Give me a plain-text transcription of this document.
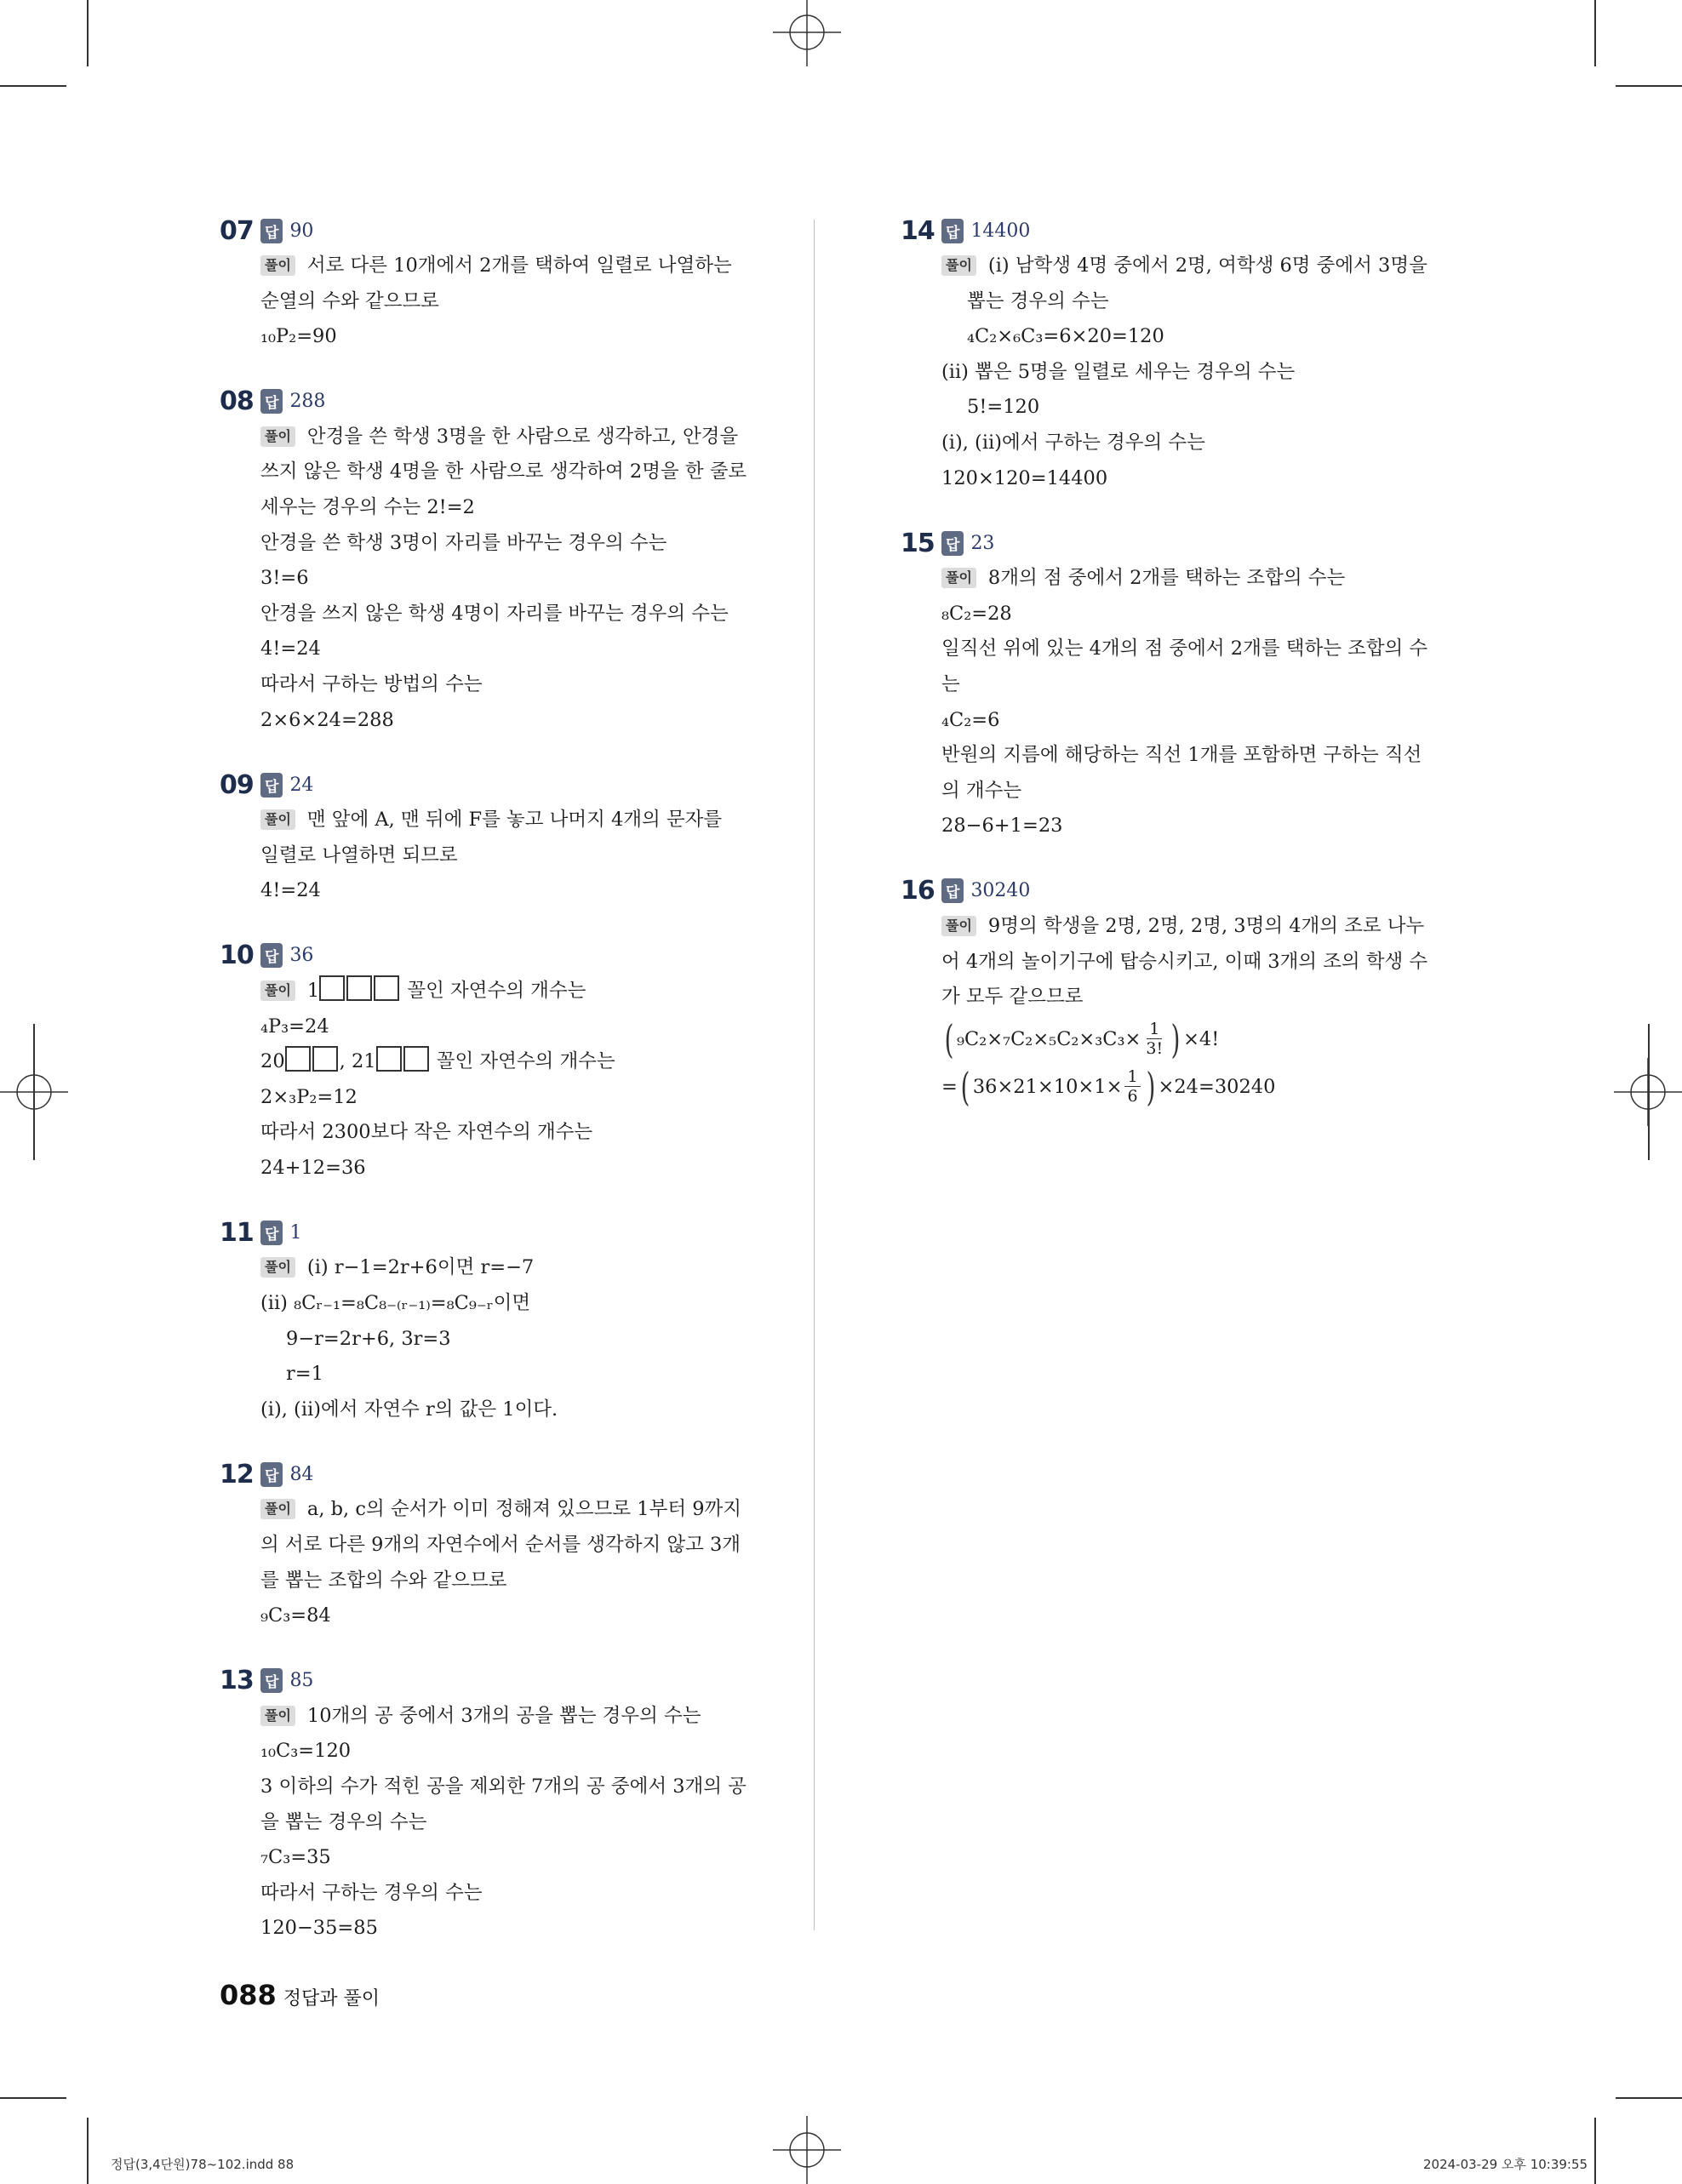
07 답 90
풀이 서로 다른 10개에서 2개를 택하여 일렬로 나열하는
순열의 수와 같으므로
₁₀P₂=90
08 답 288
풀이 안경을 쓴 학생 3명을 한 사람으로 생각하고, 안경을
쓰지 않은 학생 4명을 한 사람으로 생각하여 2명을 한 줄로
세우는 경우의 수는 2!=2
안경을 쓴 학생 3명이 자리를 바꾸는 경우의 수는
3!=6
안경을 쓰지 않은 학생 4명이 자리를 바꾸는 경우의 수는
4!=24
따라서 구하는 방법의 수는
2×6×24=288
09 답 24
풀이 맨 앞에 A, 맨 뒤에 F를 놓고 나머지 4개의 문자를
일렬로 나열하면 되므로
4!=24
10 답 36
풀이 1	꼴인 자연수의 개수는
₄P₃=24
20	, 21	꼴인 자연수의 개수는
2×₃P₂=12
따라서 2300보다 작은 자연수의 개수는
24+12=36
11 답 1
풀이 (ⅰ) r−1=2r+6이면 r=−7
(ⅱ) ₈Cᵣ₋₁=₈C₈₋₍ᵣ₋₁₎=₈C₉₋ᵣ이면
9−r=2r+6, 3r=3
r=1
(ⅰ), (ⅱ)에서 자연수 r의 값은 1이다.
12 답 84
풀이 a, b, c의 순서가 이미 정해져 있으므로 1부터 9까지
의 서로 다른 9개의 자연수에서 순서를 생각하지 않고 3개
를 뽑는 조합의 수와 같으므로
₉C₃=84
13 답 85
풀이 10개의 공 중에서 3개의 공을 뽑는 경우의 수는
₁₀C₃=120
3 이하의 수가 적힌 공을 제외한 7개의 공 중에서 3개의 공
을 뽑는 경우의 수는
₇C₃=35
따라서 구하는 경우의 수는
120−35=85
14 답 14400
풀이 (ⅰ) 남학생 4명 중에서 2명, 여학생 6명 중에서 3명을
뽑는 경우의 수는
₄C₂×₆C₃=6×20=120
(ⅱ) 뽑은 5명을 일렬로 세우는 경우의 수는
5!=120
(ⅰ), (ⅱ)에서 구하는 경우의 수는
120×120=14400
15 답 23
풀이 8개의 점 중에서 2개를 택하는 조합의 수는
₈C₂=28
일직선 위에 있는 4개의 점 중에서 2개를 택하는 조합의 수
는
₄C₂=6
반원의 지름에 해당하는 직선 1개를 포함하면 구하는 직선
의 개수는
28−6+1=23
16 답 30240
풀이 9명의 학생을 2명, 2명, 2명, 3명의 4개의 조로 나누
어 4개의 놀이기구에 탑승시키고, 이때 3개의 조의 학생 수
가 모두 같으므로
( $_9C_2\times_7C_2\times_5C_2\times_3C_3\times \frac{1}{3!}$ ) ×4!
= ( $36\times 21\times 10\times 1\times \frac{1}{6}$ ) ×24=30240
088 정답과 풀이
정답(3,4단원)78~102.indd 88	2024-03-29 오후 10:39:55
